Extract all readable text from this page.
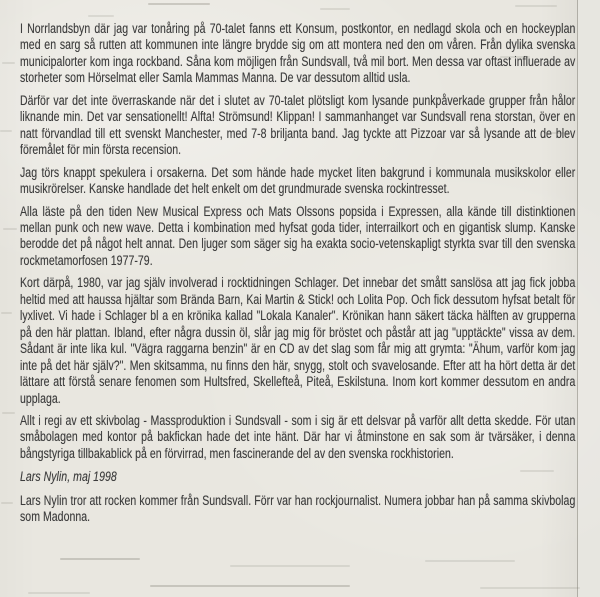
I Norrlandsbyn där jag var tonåring på 70-talet fanns ett Konsum, postkontor, en nedlagd skola och en hockeyplan med en sarg så rutten att kommunen inte längre brydde sig om att montera ned den om våren. Från dylika svenska municipalorter kom inga rockband. Såna kom möjligen från Sundsvall, två mil bort. Men dessa var oftast influerade av storheter som Hörselmat eller Samla Mammas Manna. De var dessutom alltid usla.

Därför var det inte överraskande när det i slutet av 70-talet plötsligt kom lysande punkpåverkade grupper från hålor liknande min. Det var sensationellt! Alfta! Strömsund! Klippan! I sammanhanget var Sundsvall rena storstan, över en natt förvandlad till ett svenskt Manchester, med 7-8 briljanta band. Jag tyckte att Pizzoar var så lysande att de blev föremålet för min första recension.

Jag törs knappt spekulera i orsakerna. Det som hände hade mycket liten bakgrund i kommunala musikskolor eller musikrörelser. Kanske handlade det helt enkelt om det grundmurade svenska rockintresset.

Alla läste på den tiden New Musical Express och Mats Olssons popsida i Expressen, alla kände till distinktionen mellan punk och new wave. Detta i kombination med hyfsat goda tider, interrailkort och en gigantisk slump. Kanske berodde det på något helt annat. Den ljuger som säger sig ha exakta socio-vetenskapligt styrkta svar till den svenska rockmetamorfosen 1977-79.

Kort därpå, 1980, var jag själv involverad i rocktidningen Schlager. Det innebar det smått sanslösa att jag fick jobba heltid med att haussa hjältar som Brända Barn, Kai Martin & Stick! och Lolita Pop. Och fick dessutom hyfsat betalt för lyxlivet. Vi hade i Schlager bl a en krönika kallad "Lokala Kanaler". Krönikan hann säkert täcka hälften av grupperna på den här plattan. Ibland, efter några dussin öl, slår jag mig för bröstet och påstår att jag "upptäckte" vissa av dem. Sådant är inte lika kul. "Vägra raggarna benzin" är en CD av det slag som får mig att grymta: "Ähum, varför kom jag inte på det här själv?". Men skitsamma, nu finns den här, snygg, stolt och svavelosande. Efter att ha hört detta är det lättare att förstå senare fenomen som Hultsfred, Skellefteå, Piteå, Eskilstuna. Inom kort kommer dessutom en andra upplaga.

Allt i regi av ett skivbolag - Massproduktion i Sundsvall - som i sig är ett delsvar på varför allt detta skedde. För utan småbolagen med kontor på bakfickan hade det inte hänt. Där har vi åtminstone en sak som är tvärsäker, i denna bångstyriga tillbakablick på en förvirrad, men fascinerande del av den svenska rockhistorien.

Lars Nylin, maj 1998

Lars Nylin tror att rocken kommer från Sundsvall. Förr var han rockjournalist. Numera jobbar han på samma skivbolag som Madonna.
